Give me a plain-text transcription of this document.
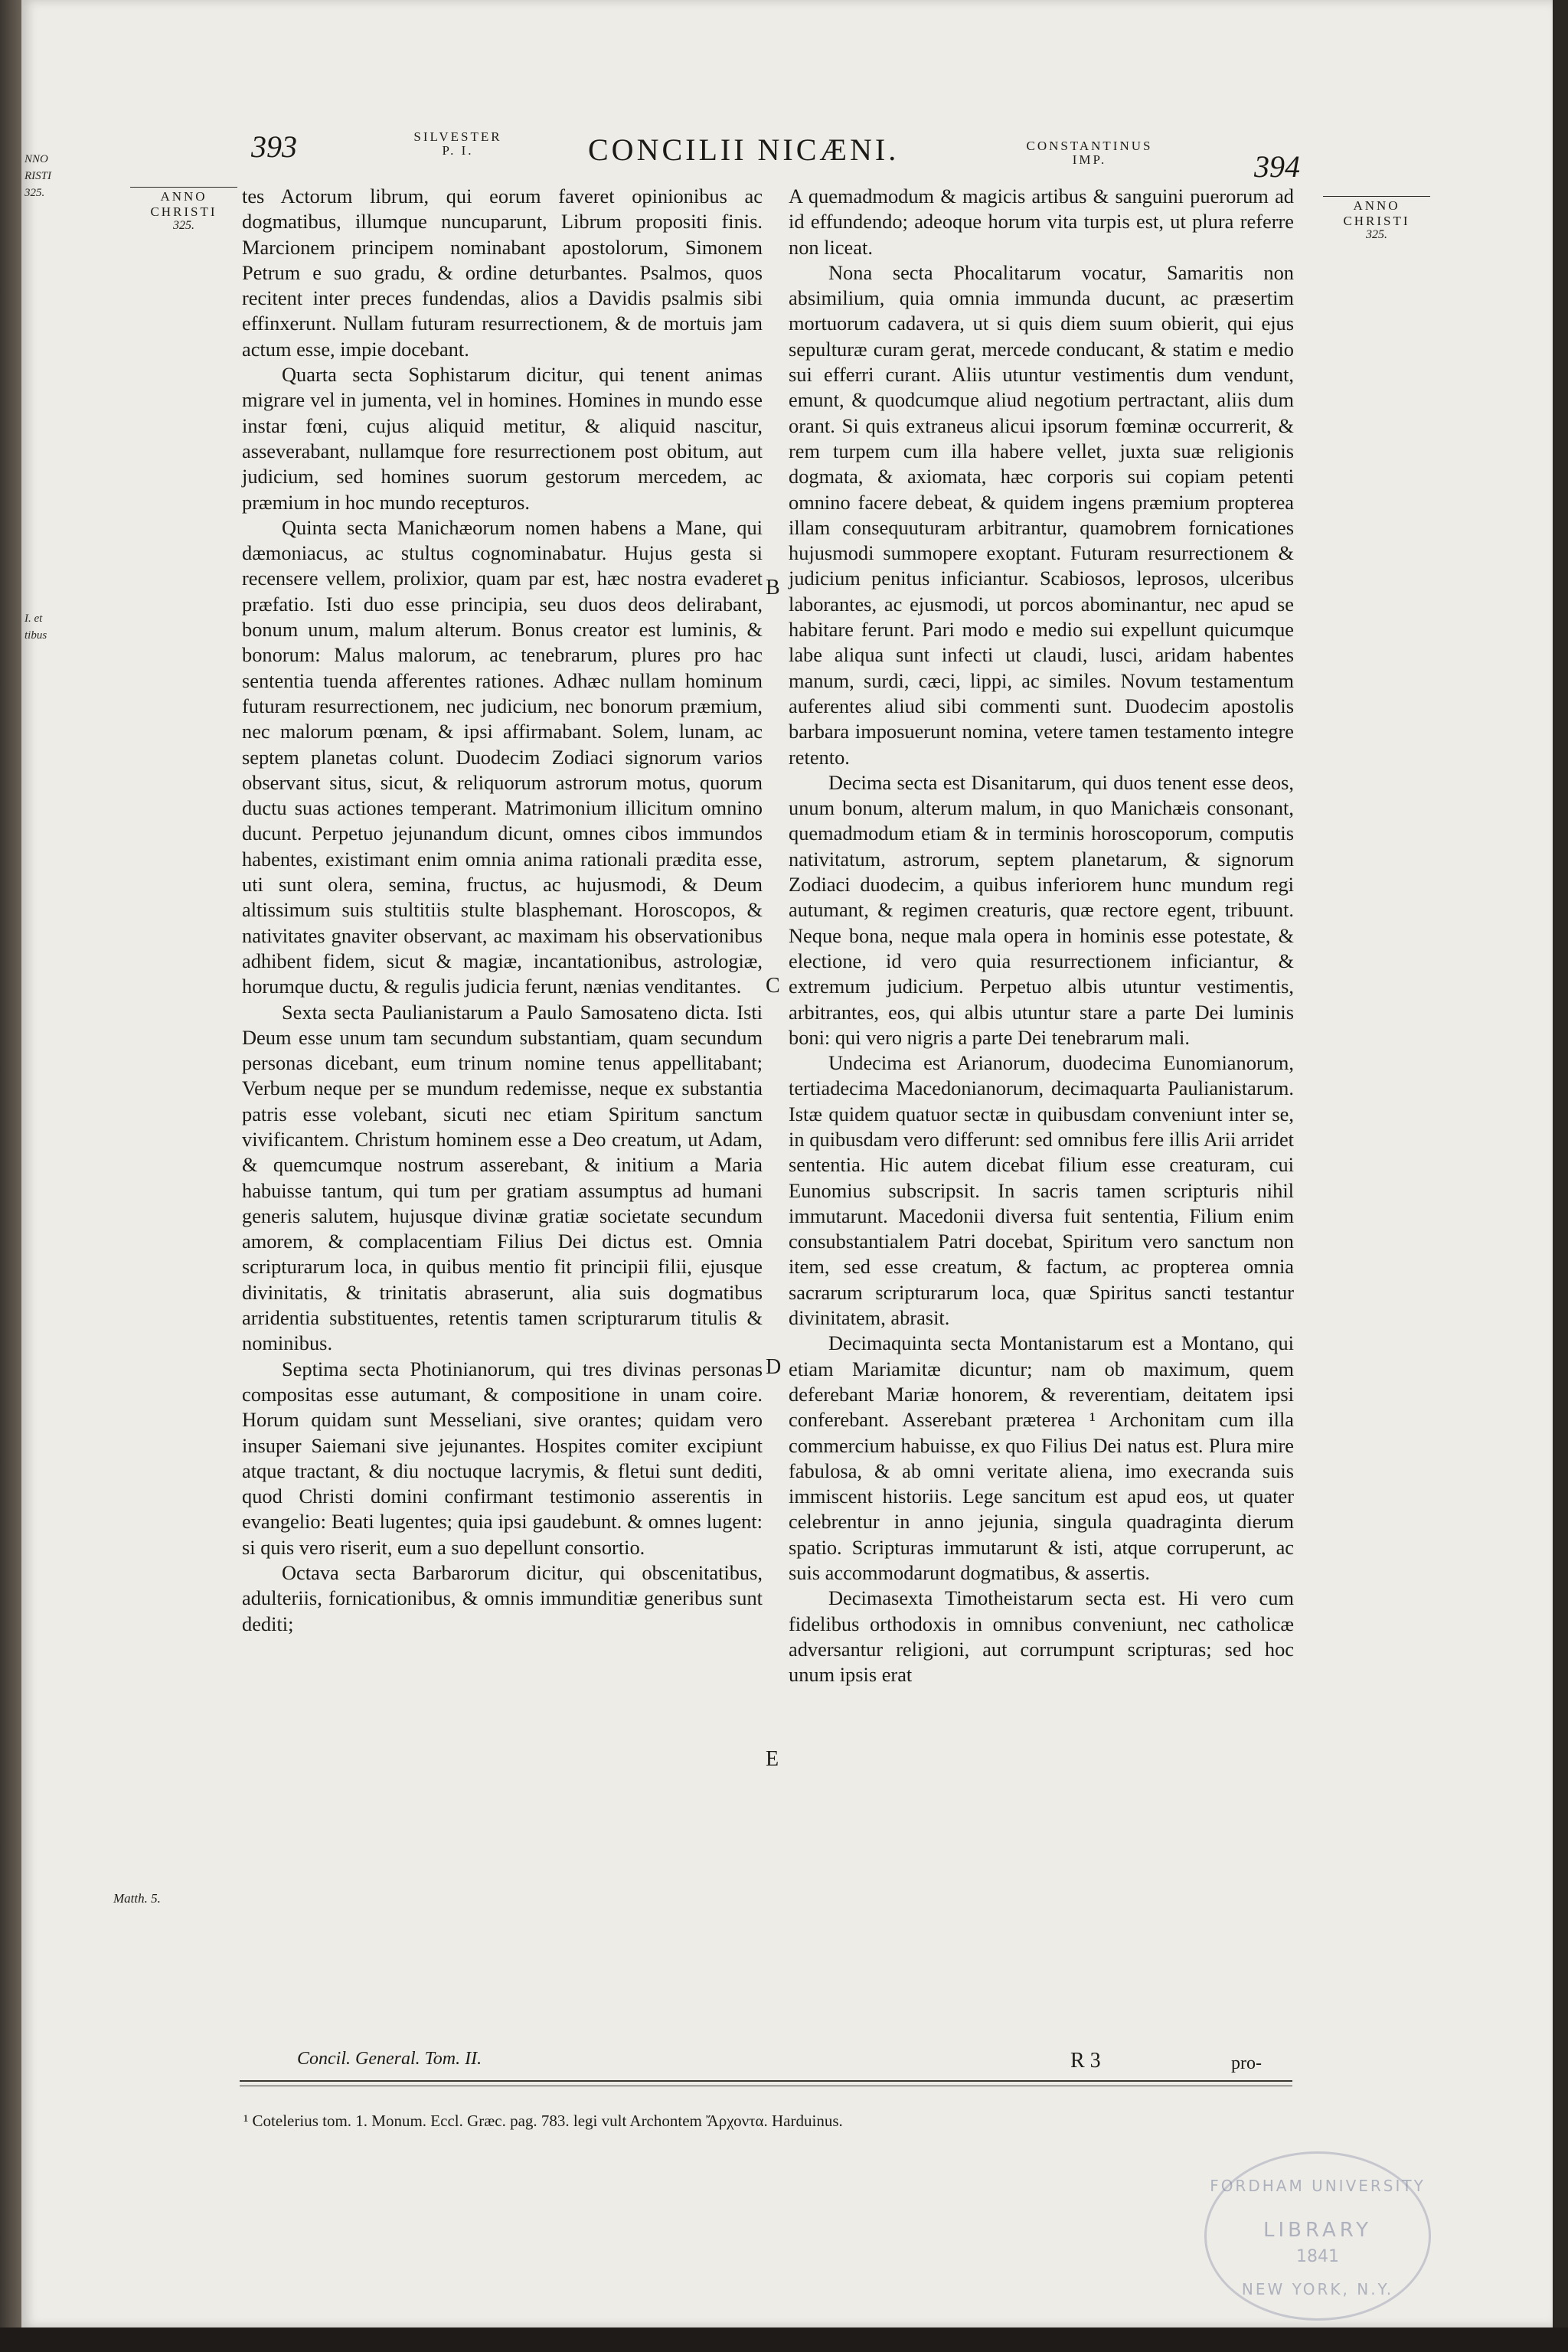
NNO
RISTI
325.
I. et
tibus
393	SILVESTER
P. I.	CONCILII NICÆNI.	CONSTANTINUS
IMP.	394
ANNO
CHRISTI
325.
ANNO
CHRISTI
325.

tes Actorum librum, qui eorum faveret opinionibus ac dogmatibus, illumque nuncuparunt, Librum propositi finis. Marcionem principem nominabant apostolorum, Simonem Petrum e suo gradu, & ordine deturbantes. Psalmos, quos recitent inter preces fundendas, alios a Davidis psalmis sibi effinxerunt. Nullam futuram resurrectionem, & de mortuis jam actum esse, impie docebant.

Quarta secta Sophistarum dicitur, qui tenent animas migrare vel in jumenta, vel in homines. Homines in mundo esse instar fœni, cujus aliquid metitur, & aliquid nascitur, asseverabant, nullamque fore resurrectionem post obitum, aut judicium, sed homines suorum gestorum mercedem, ac præmium in hoc mundo recepturos.

Quinta secta Manichæorum nomen habens a Mane, qui dæmoniacus, ac stultus cognominabatur. Hujus gesta si recensere vellem, prolixior, quam par est, hæc nostra evaderet præfatio. Isti duo esse principia, seu duos deos delirabant, bonum unum, malum alterum. Bonus creator est luminis, & bonorum: Malus malorum, ac tenebrarum, plures pro hac sententia tuenda afferentes rationes. Adhæc nullam hominum futuram resurrectionem, nec judicium, nec bonorum præmium, nec malorum pœnam, & ipsi affirmabant. Solem, lunam, ac septem planetas colunt. Duodecim Zodiaci signorum varios observant situs, sicut, & reliquorum astrorum motus, quorum ductu suas actiones temperant. Matrimonium illicitum omnino ducunt. Perpetuo jejunandum dicunt, omnes cibos immundos habentes, existimant enim omnia anima rationali prædita esse, uti sunt olera, semina, fructus, ac hujusmodi, & Deum altissimum suis stultitiis stulte blasphemant. Horoscopos, & nativitates gnaviter observant, ac maximam his observationibus adhibent fidem, sicut & magiæ, incantationibus, astrologiæ, horumque ductu, & regulis judicia ferunt, nænias venditantes.

Sexta secta Paulianistarum a Paulo Samosateno dicta. Isti Deum esse unum tam secundum substantiam, quam secundum personas dicebant, eum trinum nomine tenus appellitabant; Verbum neque per se mundum redemisse, neque ex substantia patris esse volebant, sicuti nec etiam Spiritum sanctum vivificantem. Christum hominem esse a Deo creatum, ut Adam, & quemcumque nostrum asserebant, & initium a Maria habuisse tantum, qui tum per gratiam assumptus ad humani generis salutem, hujusque divinæ gratiæ societate secundum amorem, & complacentiam Filius Dei dictus est. Omnia scripturarum loca, in quibus mentio fit principii filii, ejusque divinitatis, & trinitatis abraserunt, alia suis dogmatibus arridentia substituentes, retentis tamen scripturarum titulis & nominibus.

Septima secta Photinianorum, qui tres divinas personas compositas esse autumant, & compositione in unam coire. Horum quidam sunt Messeliani, sive orantes; quidam vero insuper Saiemani sive jejunantes. Hospites comiter excipiunt atque tractant, & diu noctuque lacrymis, & fletui sunt dediti, quod Christi domini confirmant testimonio asserentis in evangelio: Beati lugentes; quia ipsi gaudebunt. & omnes lugent: si quis vero riserit, eum a suo depellunt consortio.

Octava secta Barbarorum dicitur, qui obscenitatibus, adulteriis, fornicationibus, & omnis immunditiæ generibus sunt dediti;

B
C
D
E

A quemadmodum & magicis artibus & sanguini puerorum ad id effundendo; adeoque horum vita turpis est, ut plura referre non liceat.

Nona secta Phocalitarum vocatur, Samaritis non absimilium, quia omnia immunda ducunt, ac præsertim mortuorum cadavera, ut si quis diem suum obierit, qui ejus sepulturæ curam gerat, mercede conducant, & statim e medio sui efferri curant. Aliis utuntur vestimentis dum vendunt, emunt, & quodcumque aliud negotium pertractant, aliis dum orant. Si quis extraneus alicui ipsorum fœminæ occurrerit, & rem turpem cum illa habere vellet, juxta suæ religionis dogmata, & axiomata, hæc corporis sui copiam petenti omnino facere debeat, & quidem ingens præmium propterea illam consequuturam arbitrantur, quamobrem fornicationes hujusmodi summopere exoptant. Futuram resurrectionem & judicium penitus inficiantur. Scabiosos, leprosos, ulceribus laborantes, ac ejusmodi, ut porcos abominantur, nec apud se habitare ferunt. Pari modo e medio sui expellunt quicumque labe aliqua sunt infecti ut claudi, lusci, aridam habentes manum, surdi, cæci, lippi, ac similes. Novum testamentum auferentes aliud sibi commenti sunt. Duodecim apostolis barbara imposuerunt nomina, vetere tamen testamento integre retento.

Decima secta est Disanitarum, qui duos tenent esse deos, unum bonum, alterum malum, in quo Manichæis consonant, quemadmodum etiam & in terminis horoscoporum, computis nativitatum, astrorum, septem planetarum, & signorum Zodiaci duodecim, a quibus inferiorem hunc mundum regi autumant, & regimen creaturis, quæ rectore egent, tribuunt. Neque bona, neque mala opera in hominis esse potestate, & electione, id vero quia resurrectionem inficiantur, & extremum judicium. Perpetuo albis utuntur vestimentis, arbitrantes, eos, qui albis utuntur stare a parte Dei luminis boni: qui vero nigris a parte Dei tenebrarum mali.

Undecima est Arianorum, duodecima Eunomianorum, tertiadecima Macedonianorum, decimaquarta Paulianistarum. Istæ quidem quatuor sectæ in quibusdam conveniunt inter se, in quibusdam vero differunt: sed omnibus fere illis Arii arridet sententia. Hic autem dicebat filium esse creaturam, cui Eunomius subscripsit. In sacris tamen scripturis nihil immutarunt. Macedonii diversa fuit sententia, Filium enim consubstantialem Patri docebat, Spiritum vero sanctum non item, sed esse creatum, & factum, ac propterea omnia sacrarum scripturarum loca, quæ Spiritus sancti testantur divinitatem, abrasit.

Decimaquinta secta Montanistarum est a Montano, qui etiam Mariamitæ dicuntur; nam ob maximum, quem deferebant Mariæ honorem, & reverentiam, deitatem ipsi conferebant. Asserebant præterea ¹ Archonitam cum illa commercium habuisse, ex quo Filius Dei natus est. Plura mire fabulosa, & ab omni veritate aliena, imo execranda suis immiscent historiis. Lege sancitum est apud eos, ut quater celebrentur in anno jejunia, singula quadraginta dierum spatio. Scripturas immutarunt & isti, atque corruperunt, ac suis accommodarunt dogmatibus, & assertis.

Decimasexta Timotheistarum secta est. Hi vero cum fidelibus orthodoxis in omnibus conveniunt, nec catholicæ adversantur religioni, aut corrumpunt scripturas; sed hoc unum ipsis erat

Matth. 5.
Concil. General. Tom. II.	R 3	pro-
¹ Cotelerius tom. 1. Monum. Eccl. Græc. pag. 783. legi vult Archontem Ἄρχοντα. Harduinus.
FORDHAM UNIVERSITY
LIBRARY
1841
NEW YORK, N.Y.
